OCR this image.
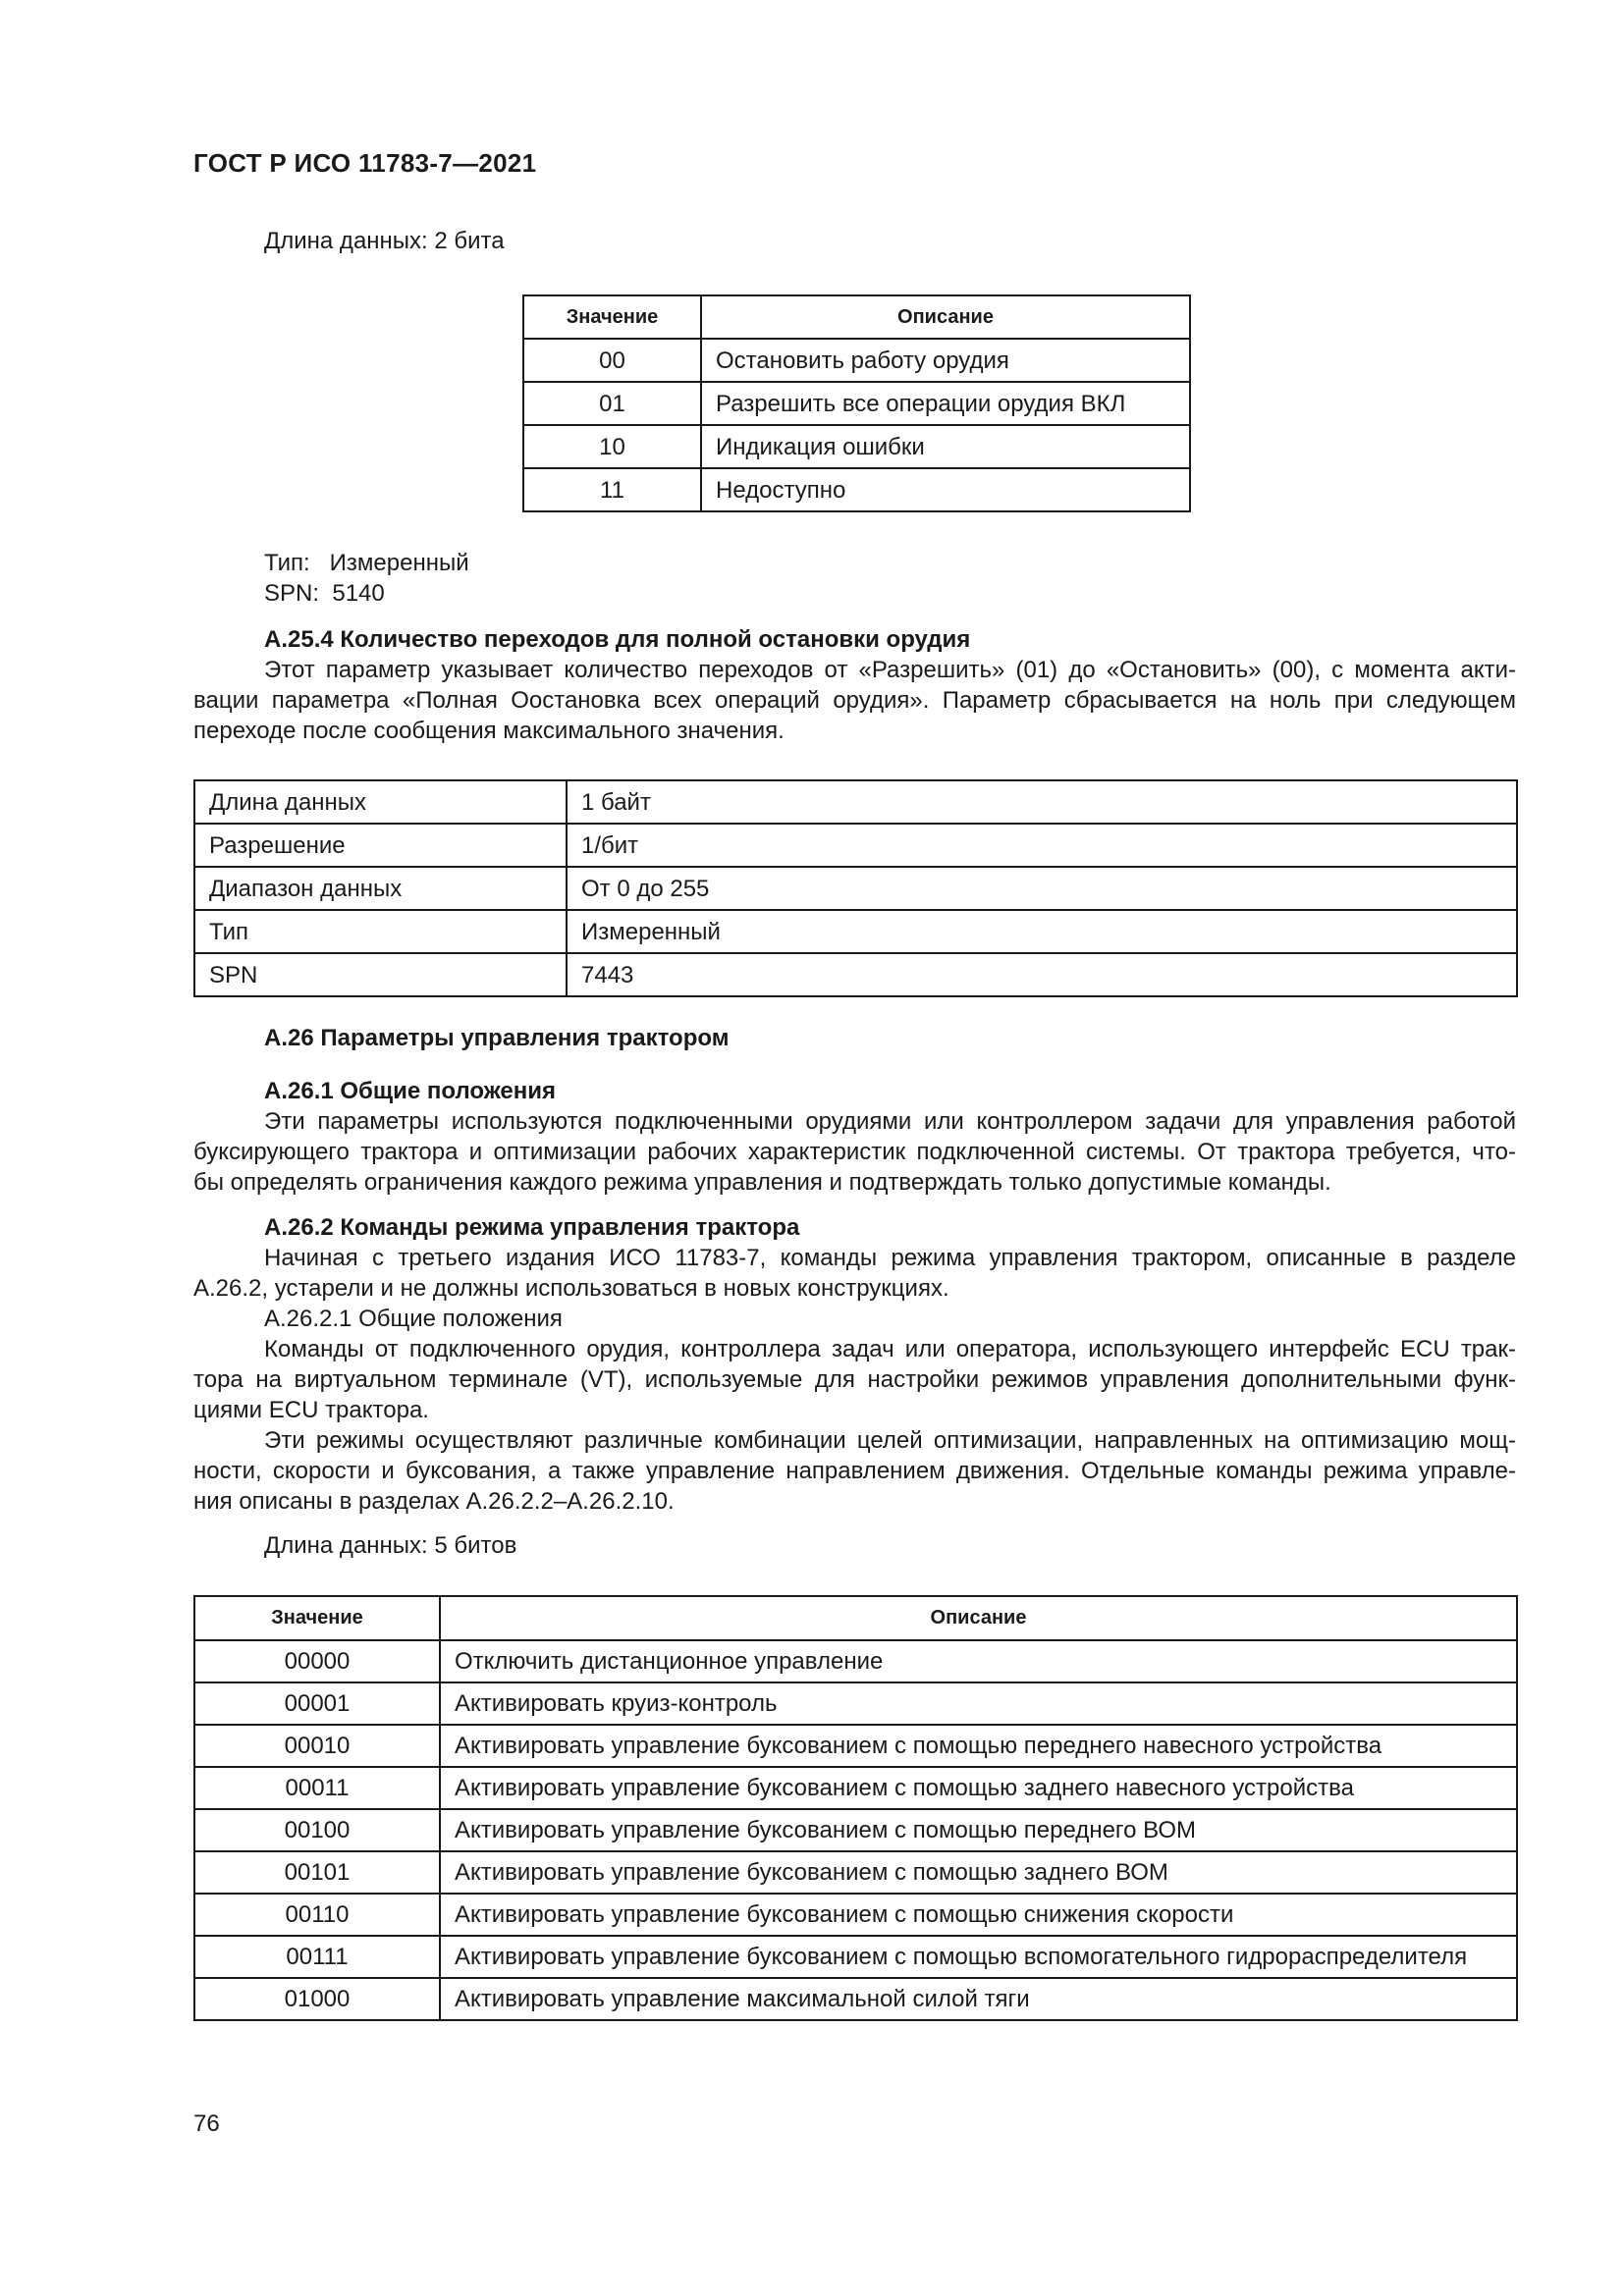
ГОСТ Р ИСО 11783-7—2021
Длина данных: 2 бита
Значение	Описание
00	Остановить работу орудия
01	Разрешить все операции орудия ВКЛ
10	Индикация ошибки
11	Недоступно
Тип:   Измеренный
SPN:  5140
А.25.4 Количество переходов для полной остановки орудия

Этот параметр указывает количество переходов от «Разрешить» (01) до «Остановить» (00), с момента акти-

вации параметра «Полная Оостановка всех операций орудия». Параметр сбрасывается на ноль при следующем

переходе после сообщения максимального значения.

Длина данных	1 байт
Разрешение	1/бит
Диапазон данных	От 0 до 255
Тип	Измеренный
SPN	7443
А.26 Параметры управления трактором
А.26.1 Общие положения

Эти параметры используются подключенными орудиями или контроллером задачи для управления работой

буксирующего трактора и оптимизации рабочих характеристик подключенной системы. От трактора требуется, что-

бы определять ограничения каждого режима управления и подтверждать только допустимые команды.

А.26.2 Команды режима управления трактора

Начиная с третьего издания ИСО 11783-7, команды режима управления трактором, описанные в разделе

А.26.2, устарели и не должны использоваться в новых конструкциях.

А.26.2.1 Общие положения

Команды от подключенного орудия, контроллера задач или оператора, использующего интерфейс ECU трак-

тора на виртуальном терминале (VT), используемые для настройки режимов управления дополнительными функ-

циями ECU трактора.

Эти режимы осуществляют различные комбинации целей оптимизации, направленных на оптимизацию мощ-

ности, скорости и буксования, а также управление направлением движения. Отдельные команды режима управле-

ния описаны в разделах А.26.2.2–А.26.2.10.

Длина данных: 5 битов
Значение	Описание
00000	Отключить дистанционное управление
00001	Активировать круиз-контроль
00010	Активировать управление буксованием с помощью переднего навесного устройства
00011	Активировать управление буксованием с помощью заднего навесного устройства
00100	Активировать управление буксованием с помощью переднего ВОМ
00101	Активировать управление буксованием с помощью заднего ВОМ
00110	Активировать управление буксованием с помощью снижения скорости
00111	Активировать управление буксованием с помощью вспомогательного гидрораспределителя
01000	Активировать управление максимальной силой тяги
76
